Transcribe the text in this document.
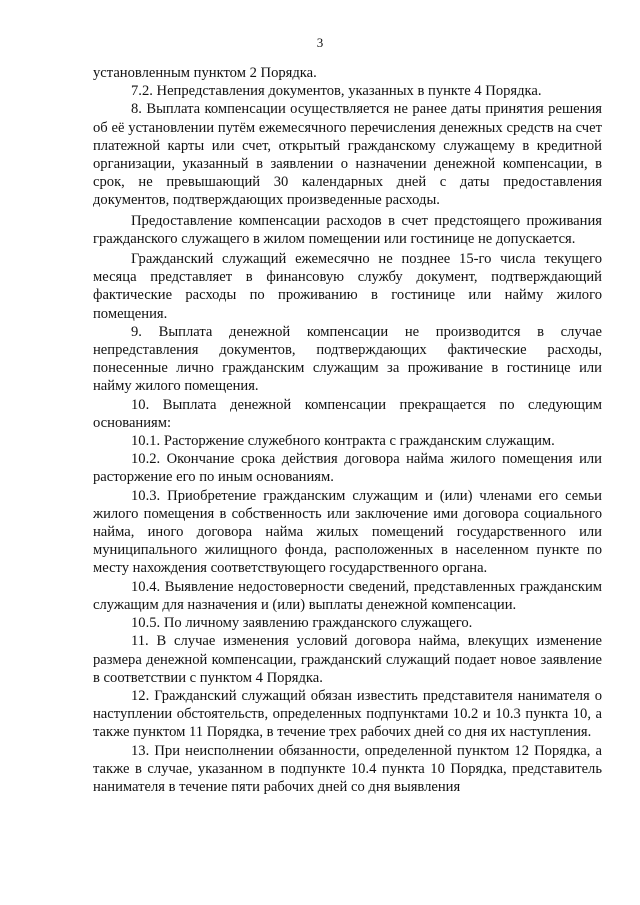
3

установленным пунктом 2 Порядка.

7.2. Непредставления документов, указанных в пункте 4 Порядка.

8. Выплата компенсации осуществляется не ранее даты принятия решения об её установлении путём ежемесячного перечисления денежных средств на счет платежной карты или счет, открытый гражданскому служащему в кредитной организации, указанный в заявлении о назначении денежной компенсации, в срок, не превышающий 30 календарных дней с даты предоставления документов, подтверждающих произведенные расходы.

Предоставление компенсации расходов в счет предстоящего проживания гражданского служащего в жилом помещении или гостинице не допускается.

Гражданский служащий ежемесячно не позднее 15-го числа текущего месяца представляет в финансовую службу документ, подтверждающий фактические расходы по проживанию в гостинице или найму жилого помещения.

9. Выплата денежной компенсации не производится в случае непредставления документов, подтверждающих фактические расходы, понесенные лично гражданским служащим за проживание в гостинице или найму жилого помещения.

10. Выплата денежной компенсации прекращается по следующим основаниям:

10.1. Расторжение служебного контракта с гражданским служащим.

10.2. Окончание срока действия договора найма жилого помещения или расторжение его по иным основаниям.

10.3. Приобретение гражданским служащим и (или) членами его семьи жилого помещения в собственность или заключение ими договора социального найма, иного договора найма жилых помещений государственного или муниципального жилищного фонда, расположенных в населенном пункте по месту нахождения соответствующего государственного органа.

10.4. Выявление недостоверности сведений, представленных гражданским служащим для назначения и (или) выплаты денежной компенсации.

10.5. По личному заявлению гражданского служащего.

11. В случае изменения условий договора найма, влекущих изменение размера денежной компенсации, гражданский служащий подает новое заявление в соответствии с пунктом 4 Порядка.

12. Гражданский служащий обязан известить представителя нанимателя о наступлении обстоятельств, определенных подпунктами 10.2 и 10.3 пункта 10, а также пунктом 11 Порядка, в течение трех рабочих дней со дня их наступления.

13. При неисполнении обязанности, определенной пунктом 12 Порядка, а также в случае, указанном в подпункте 10.4 пункта 10 Порядка, представитель нанимателя в течение пяти рабочих дней со дня выявления
